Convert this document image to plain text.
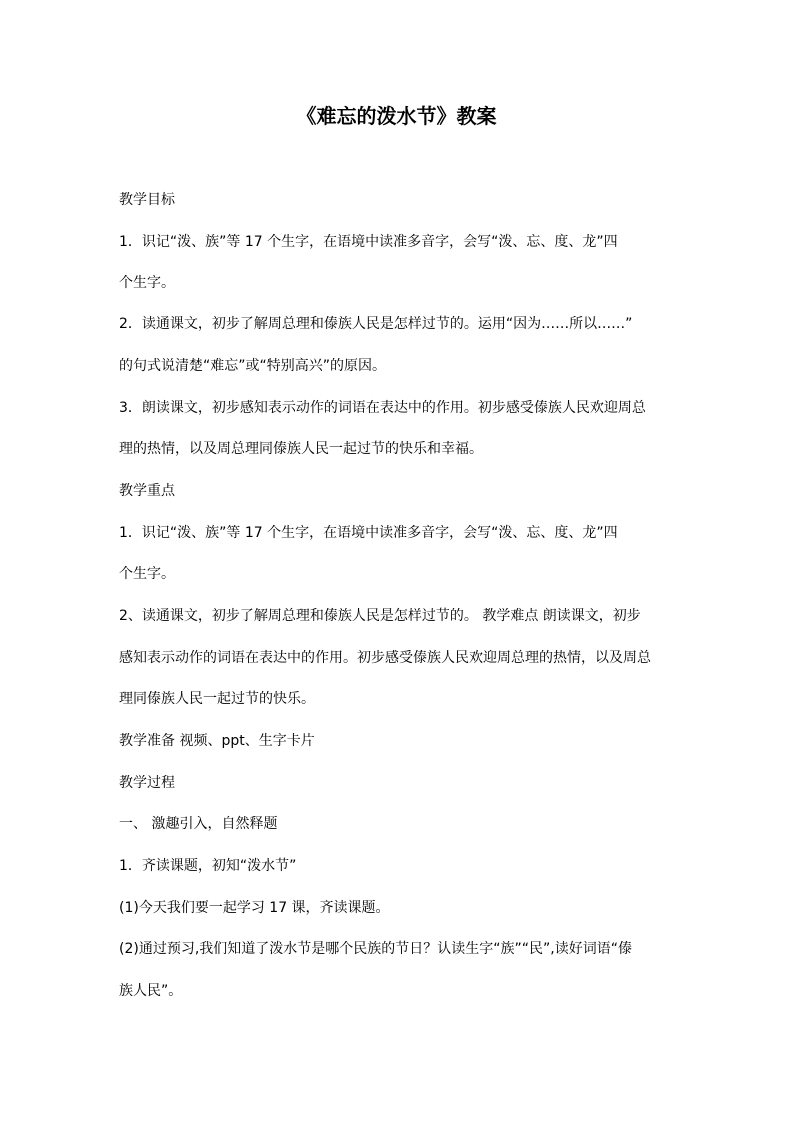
《难忘的泼水节》教案
教学目标
1．识记“泼、族”等 17 个生字，在语境中读准多音字，会写“泼、忘、度、龙”四
个生字。
2．读通课文，初步了解周总理和傣族人民是怎样过节的。运用“因为……所以……”
的句式说清楚“难忘”或“特别高兴”的原因。
3．朗读课文，初步感知表示动作的词语在表达中的作用。初步感受傣族人民欢迎周总
理的热情，以及周总理同傣族人民一起过节的快乐和幸福。
教学重点
1．识记“泼、族”等 17 个生字，在语境中读准多音字，会写“泼、忘、度、龙”四
个生字。
2、读通课文，初步了解周总理和傣族人民是怎样过节的。 教学难点 朗读课文，初步
感知表示动作的词语在表达中的作用。初步感受傣族人民欢迎周总理的热情，以及周总
理同傣族人民一起过节的快乐。
教学准备 视频、ppt、生字卡片
教学过程
一、 激趣引入，自然释题
1．齐读课题，初知“泼水节”
(1)今天我们要一起学习 17 课，齐读课题。
(2)通过预习,我们知道了泼水节是哪个民族的节日？认读生字“族”“民”,读好词语“傣
族人民”。
